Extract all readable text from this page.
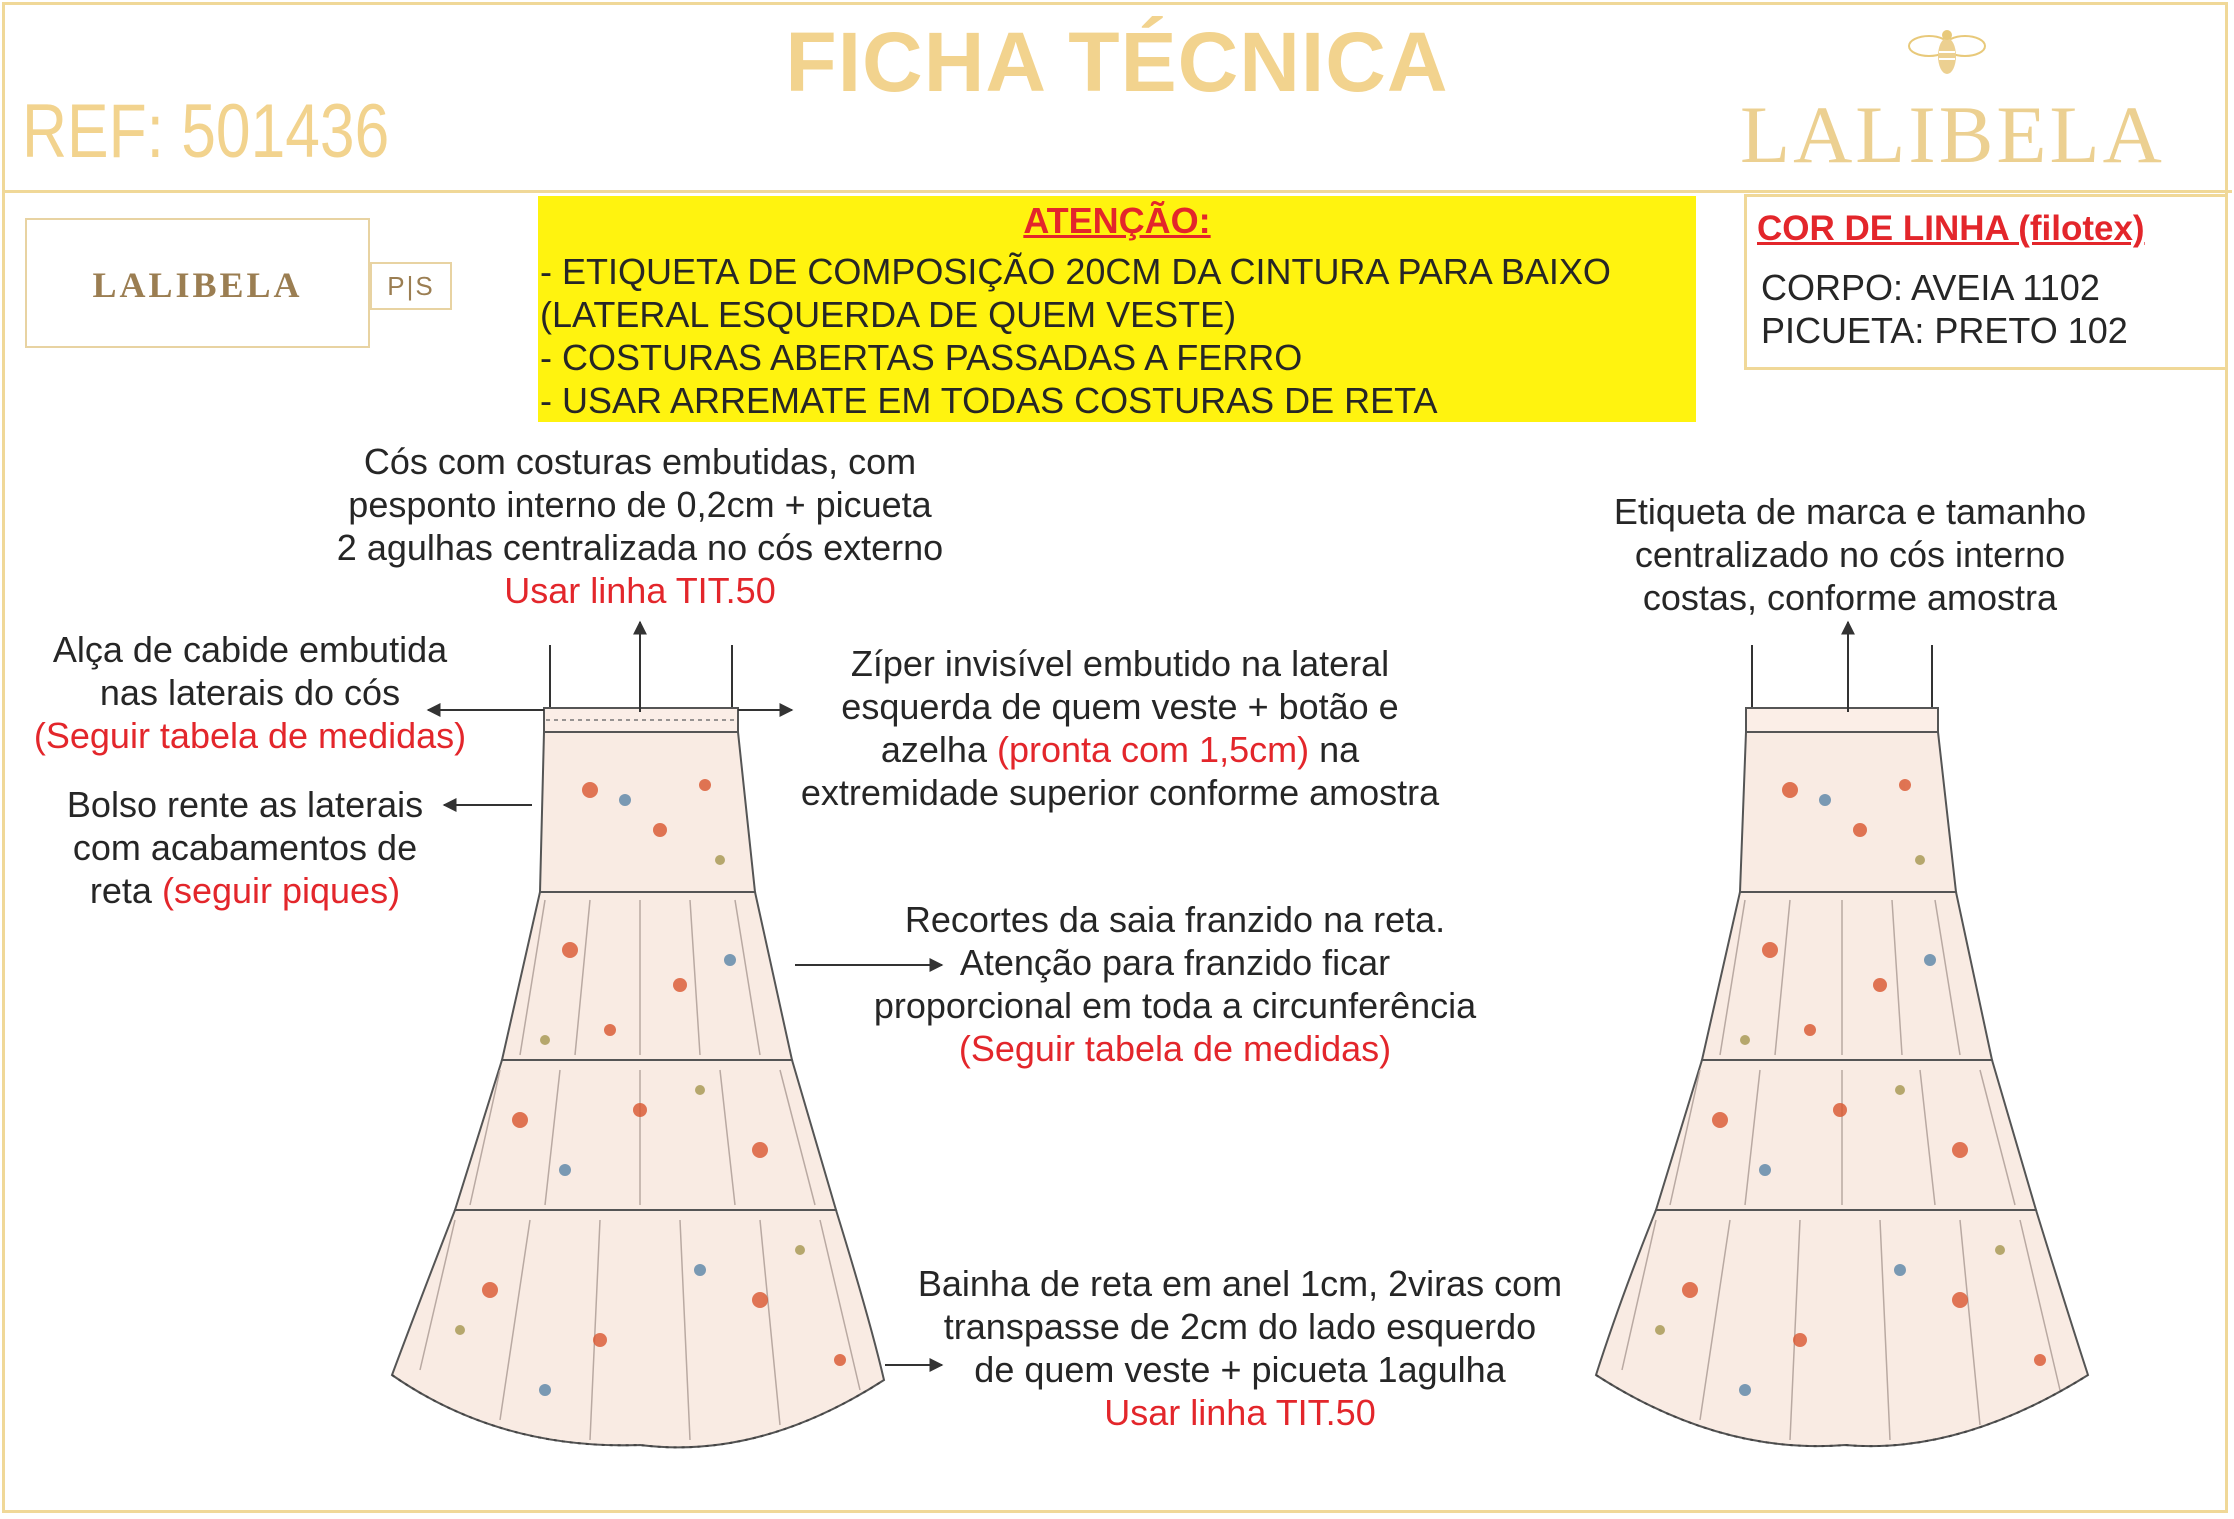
FICHA TÉCNICA
REF: 501436	LALIBELA
LALIBELA	P|S
ATENÇÃO:
- ETIQUETA DE COMPOSIÇÃO 20CM DA CINTURA PARA BAIXO
(LATERAL ESQUERDA DE QUEM VESTE)
- COSTURAS ABERTAS PASSADAS A FERRO
- USAR ARREMATE EM TODAS COSTURAS DE RETA
COR DE LINHA (filotex)
CORPO: AVEIA 1102
PICUETA: PRETO 102
Cós com costuras embutidas, com
pesponto interno de 0,2cm + picueta
2 agulhas centralizada no cós externo
Usar linha TIT.50
Alça de cabide embutida
nas laterais do cós
(Seguir tabela de medidas)
Bolso rente as laterais
com acabamentos de
reta (seguir piques)
Zíper invisível embutido na lateral
esquerda de quem veste + botão e
azelha (pronta com 1,5cm) na
extremidade superior conforme amostra
Recortes da saia franzido na reta.
Atenção para franzido ficar
proporcional em toda a circunferência
(Seguir tabela de medidas)
Bainha de reta em anel 1cm, 2viras com
transpasse de 2cm do lado esquerdo
de quem veste + picueta 1agulha
Usar linha TIT.50
Etiqueta de marca e tamanho
centralizado no cós interno
costas, conforme amostra
